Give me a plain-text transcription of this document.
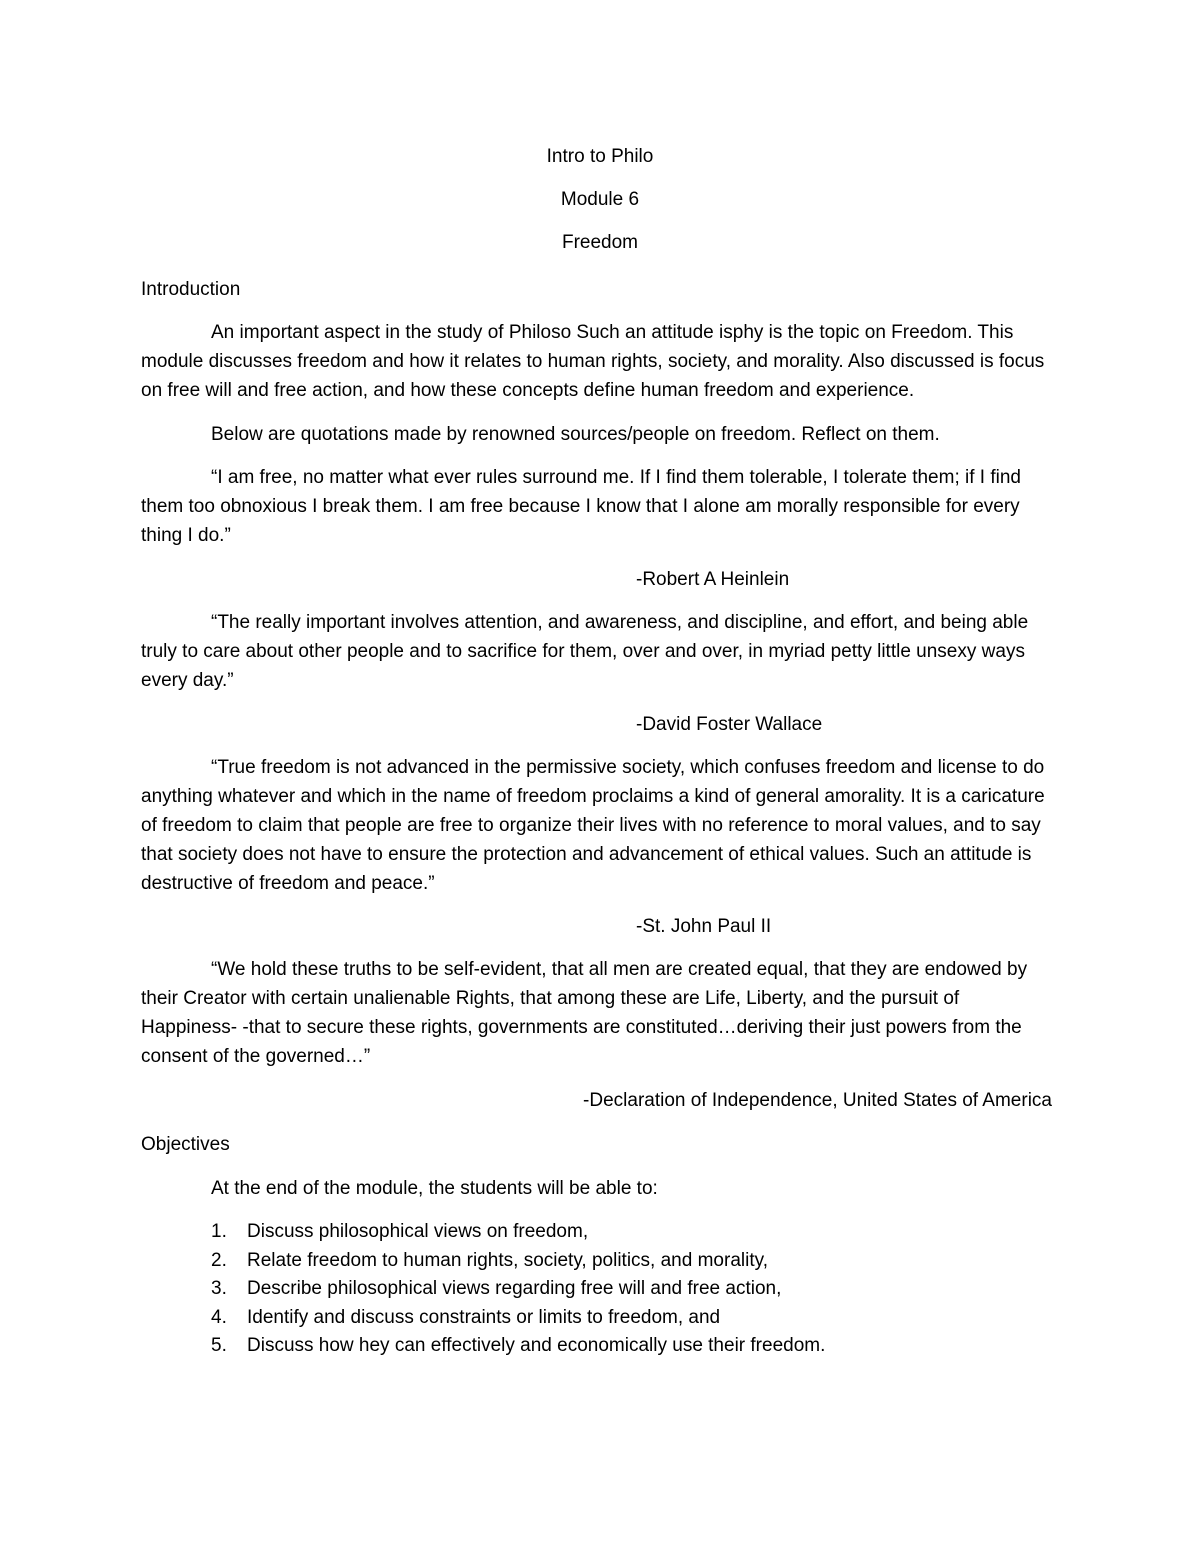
Intro to Philo
Module 6
Freedom
Introduction

An important aspect in the study of Philoso Such an attitude isphy is the topic on Freedom. This module discusses freedom and how it relates to human rights, society, and morality. Also discussed is focus on free will and free action, and how these concepts define human freedom and experience.

Below are quotations made by renowned sources/people on freedom. Reflect on them.

“I am free, no matter what ever rules surround me. If I find them tolerable, I tolerate them; if I find them too obnoxious I break them. I am free because I know that I alone am morally responsible for every thing I do.”

-Robert A Heinlein

“The really important involves attention, and awareness, and discipline, and effort, and being able truly to care about other people and to sacrifice for them, over and over, in myriad petty little unsexy ways every day.”

-David Foster Wallace

“True freedom is not advanced in the permissive society, which confuses freedom and license to do anything whatever and which in the name of freedom proclaims a kind of general amorality. It is a caricature of freedom to claim that people are free to organize their lives with no reference to moral values, and to say that society does not have to ensure the protection and advancement of ethical values. Such an attitude is destructive of freedom and peace.”

-St. John Paul II

“We hold these truths to be self-evident, that all men are created equal, that they are endowed by their Creator with certain unalienable Rights, that among these are Life, Liberty, and the pursuit of Happiness- -that to secure these rights, governments are constituted…deriving their just powers from the consent of the governed…”

-Declaration of Independence, United States of America
Objectives
At the end of the module, the students will be able to:
1. Discuss philosophical views on freedom,
2. Relate freedom to human rights, society, politics, and morality,
3. Describe philosophical views regarding free will and free action,
4. Identify and discuss constraints or limits to freedom, and
5. Discuss how hey can effectively and economically use their freedom.
